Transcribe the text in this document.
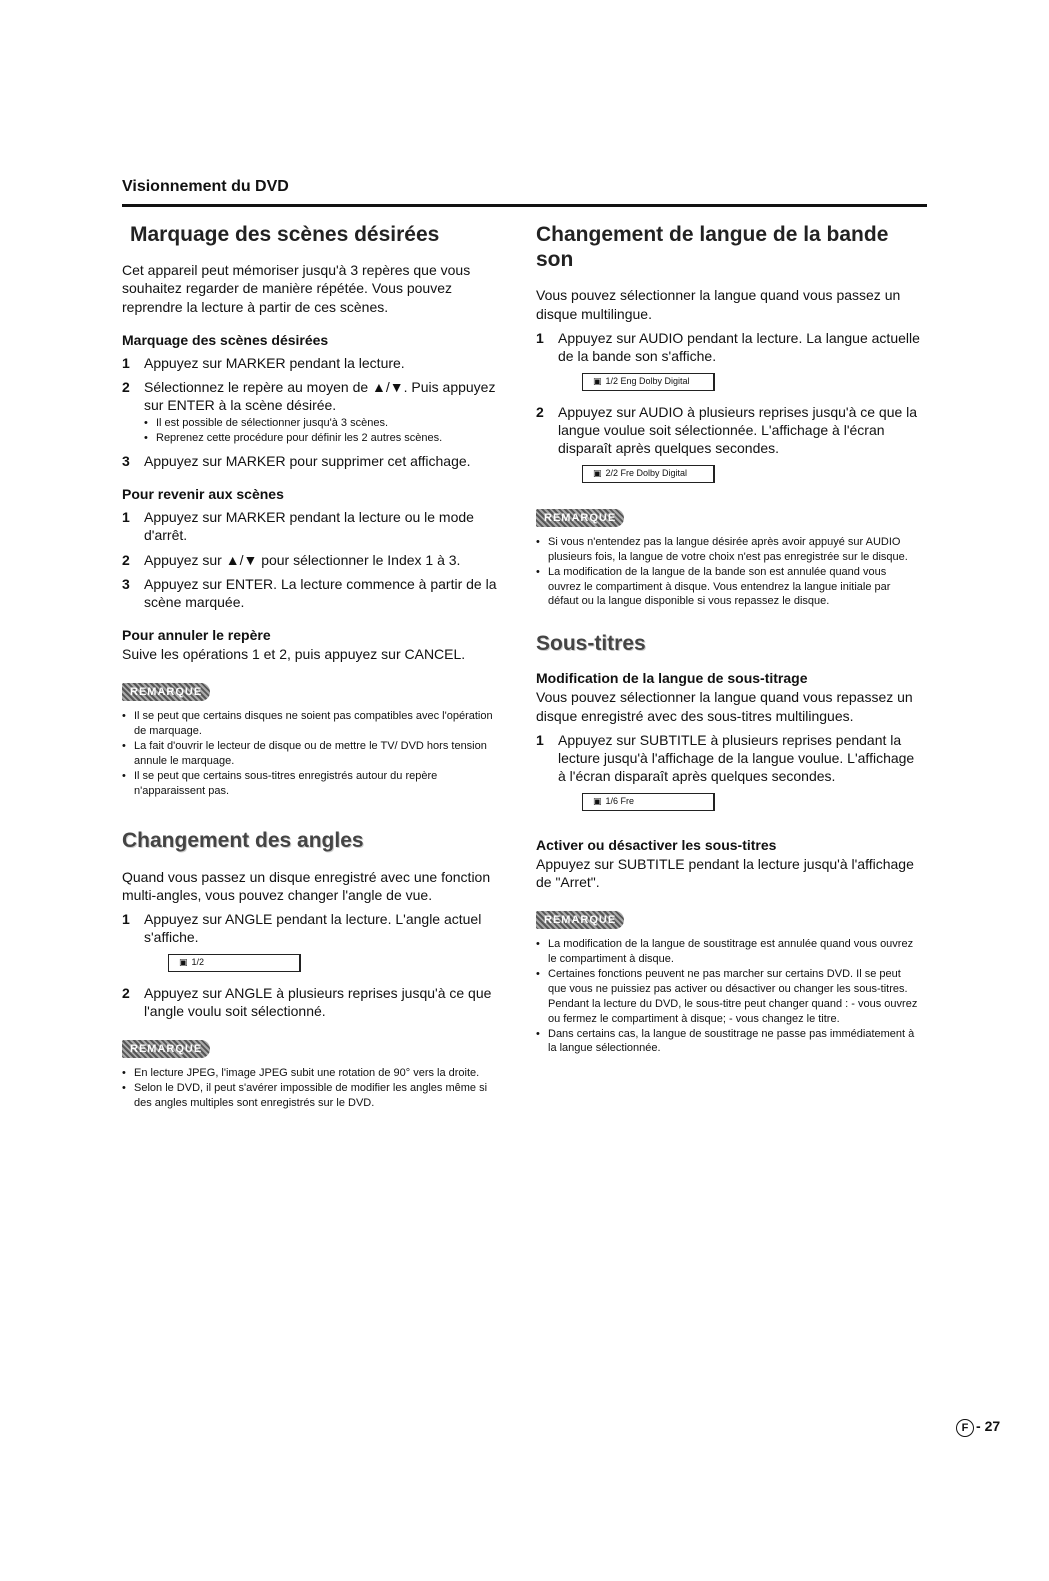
Visionnement du DVD
Marquage des scènes désirées

Cet appareil peut mémoriser jusqu'à 3 repères que vous souhaitez regarder de manière répétée. Vous pouvez reprendre la lecture à partir de ces scènes.

Marquage des scènes désirées
1	Appuyez sur MARKER pendant la lecture.
2	Sélectionnez le repère au moyen de ▲/▼. Puis appuyez sur ENTER à la scène désirée.
• Il est possible de sélectionner jusqu'à 3 scènes.
• Reprenez cette procédure pour définir les 2 autres scènes.
3	Appuyez sur MARKER pour supprimer cet affichage.
Pour revenir aux scènes
1	Appuyez sur MARKER pendant la lecture ou le mode d'arrêt.
2	Appuyez sur ▲/▼ pour sélectionner le Index 1 à 3.
3	Appuyez sur ENTER. La lecture commence à partir de la scène marquée.
Pour annuler le repère

Suive les opérations 1 et 2, puis appuyez sur CANCEL.

REMARQUE
• Il se peut que certains disques ne soient pas compatibles avec l'opération de marquage.
• La fait d'ouvrir le lecteur de disque ou de mettre le TV/ DVD hors tension annule le marquage.
• Il se peut que certains sous-titres enregistrés autour du repère n'apparaissent pas.
Changement des angles

Quand vous passez un disque enregistré avec une fonction multi-angles, vous pouvez changer l'angle de vue.

1	Appuyez sur ANGLE pendant la lecture. L'angle actuel s'affiche.
▣ 1/2
2	Appuyez sur ANGLE à plusieurs reprises jusqu'à ce que l'angle voulu soit sélectionné.
REMARQUE
• En lecture JPEG, l'image JPEG subit une rotation de 90° vers la droite.
• Selon le DVD, il peut s'avérer impossible de modifier les angles même si des angles multiples sont enregistrés sur le DVD.
Changement de langue de la bande son

Vous pouvez sélectionner la langue quand vous passez un disque multilingue.

1	Appuyez sur AUDIO pendant la lecture. La langue actuelle de la bande son s'affiche.
▣ 1/2 Eng Dolby Digital
2	Appuyez sur AUDIO à plusieurs reprises jusqu'à ce que la langue voulue soit sélectionnée. L'affichage à l'écran disparaît après quelques secondes.
▣ 2/2 Fre Dolby Digital
REMARQUE
• Si vous n'entendez pas la langue désirée après avoir appuyé sur AUDIO plusieurs fois, la langue de votre choix n'est pas enregistrée sur le disque.
• La modification de la langue de la bande son est annulée quand vous ouvrez le compartiment à disque. Vous entendrez la langue initiale par défaut ou la langue disponible si vous repassez le disque.
Sous-titres
Modification de la langue de sous-titrage

Vous pouvez sélectionner la langue quand vous repassez un disque enregistré avec des sous-titres multilingues.

1	Appuyez sur SUBTITLE à plusieurs reprises pendant la lecture jusqu'à l'affichage de la langue voulue. L'affichage à l'écran disparaît après quelques secondes.
▣ 1/6 Fre
Activer ou désactiver les sous-titres

Appuyez sur SUBTITLE pendant la lecture jusqu'à l'affichage de "Arret".

REMARQUE
• La modification de la langue de soustitrage est annulée quand vous ouvrez le compartiment à disque.
• Certaines fonctions peuvent ne pas marcher sur certains DVD. Il se peut que vous ne puissiez pas activer ou désactiver ou changer les sous-titres. Pendant la lecture du DVD, le sous-titre peut changer quand : - vous ouvrez ou fermez le compartiment à disque; - vous changez le titre.
• Dans certains cas, la langue de soustitrage ne passe pas immédiatement à la langue sélectionnée.
F - 27
